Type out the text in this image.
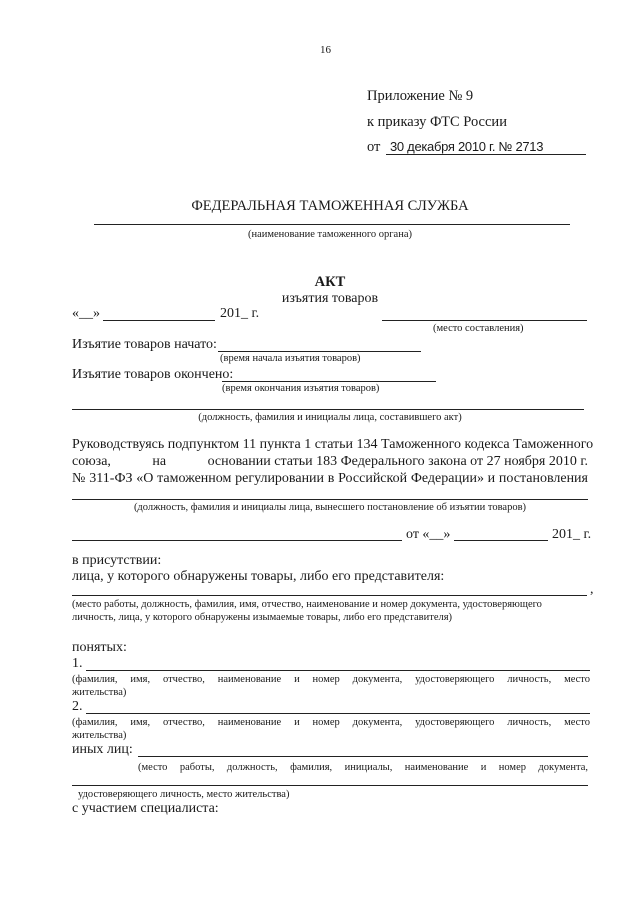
16
Приложение № 9
к приказу ФТС России
от 30 декабря 2010 г. № 2713
ФЕДЕРАЛЬНАЯ ТАМОЖЕННАЯ СЛУЖБА
(наименование таможенного органа)
АКТ
изъятия товаров
«__»	201_ г.
(место составления)
Изъятие товаров начато:
(время начала изъятия товаров)
Изъятие товаров окончено:
(время окончания изъятия товаров)
(должность, фамилия и инициалы лица, составившего акт)
Руководствуясь подпунктом 11 пункта 1 статьи 134 Таможенного кодекса Таможенного
союза,	на	основании статьи 183 Федерального закона от 27 ноября 2010 г.
№ 311-ФЗ «О таможенном регулировании в Российской Федерации» и постановления
(должность, фамилия и инициалы лица, вынесшего постановление об изъятии товаров)
от «__»	201_ г.
в присутствии:
лица, у которого обнаружены товары, либо его представителя:
,
(место работы, должность, фамилия, имя, отчество, наименование и номер документа, удостоверяющего
личность, лица, у которого обнаружены изымаемые товары, либо его представителя)
понятых:
1.
(фамилия, имя, отчество, наименование и номер документа, удостоверяющего личность, место
жительства)
2.
(фамилия, имя, отчество, наименование и номер документа, удостоверяющего личность, место
жительства)
иных лиц:
(место работы, должность, фамилия, инициалы, наименование и номер документа,
удостоверяющего личность, место жительства)
с участием специалиста:
